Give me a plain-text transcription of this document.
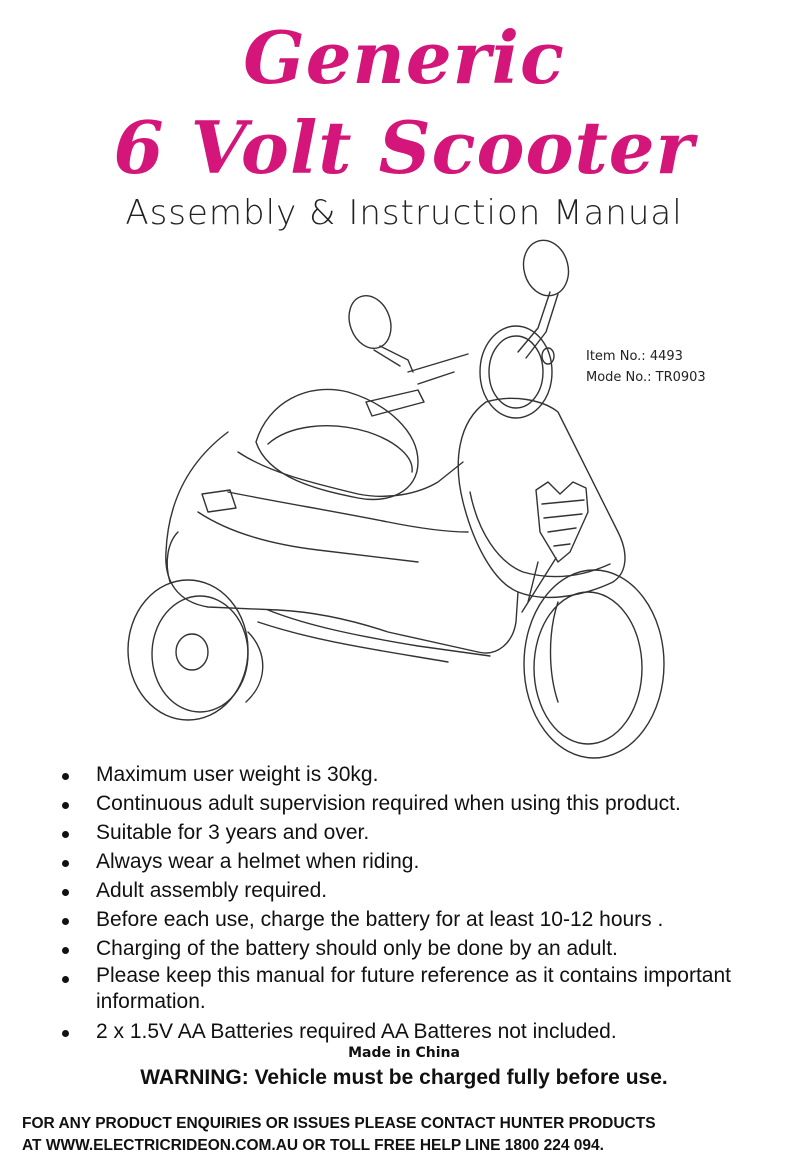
Generic
6 Volt Scooter
Assembly & Instruction Manual
Item No.: 4493
Mode No.: TR0903
Maximum user weight is 30kg.
Continuous adult supervision required when using this product.
Suitable for 3 years and over.
Always wear a helmet when riding.
Adult assembly required.
Before each use, charge the battery for at least 10-12 hours .
Charging of the battery should only be done by an adult.
Please keep this manual for future reference as it contains important information.
2 x 1.5V AA Batteries required AA Batteres not included.
Made in China
WARNING: Vehicle must be charged fully before use.
FOR ANY PRODUCT ENQUIRIES OR ISSUES PLEASE CONTACT HUNTER PRODUCTS
AT WWW.ELECTRICRIDEON.COM.AU OR TOLL FREE HELP LINE 1800 224 094.
